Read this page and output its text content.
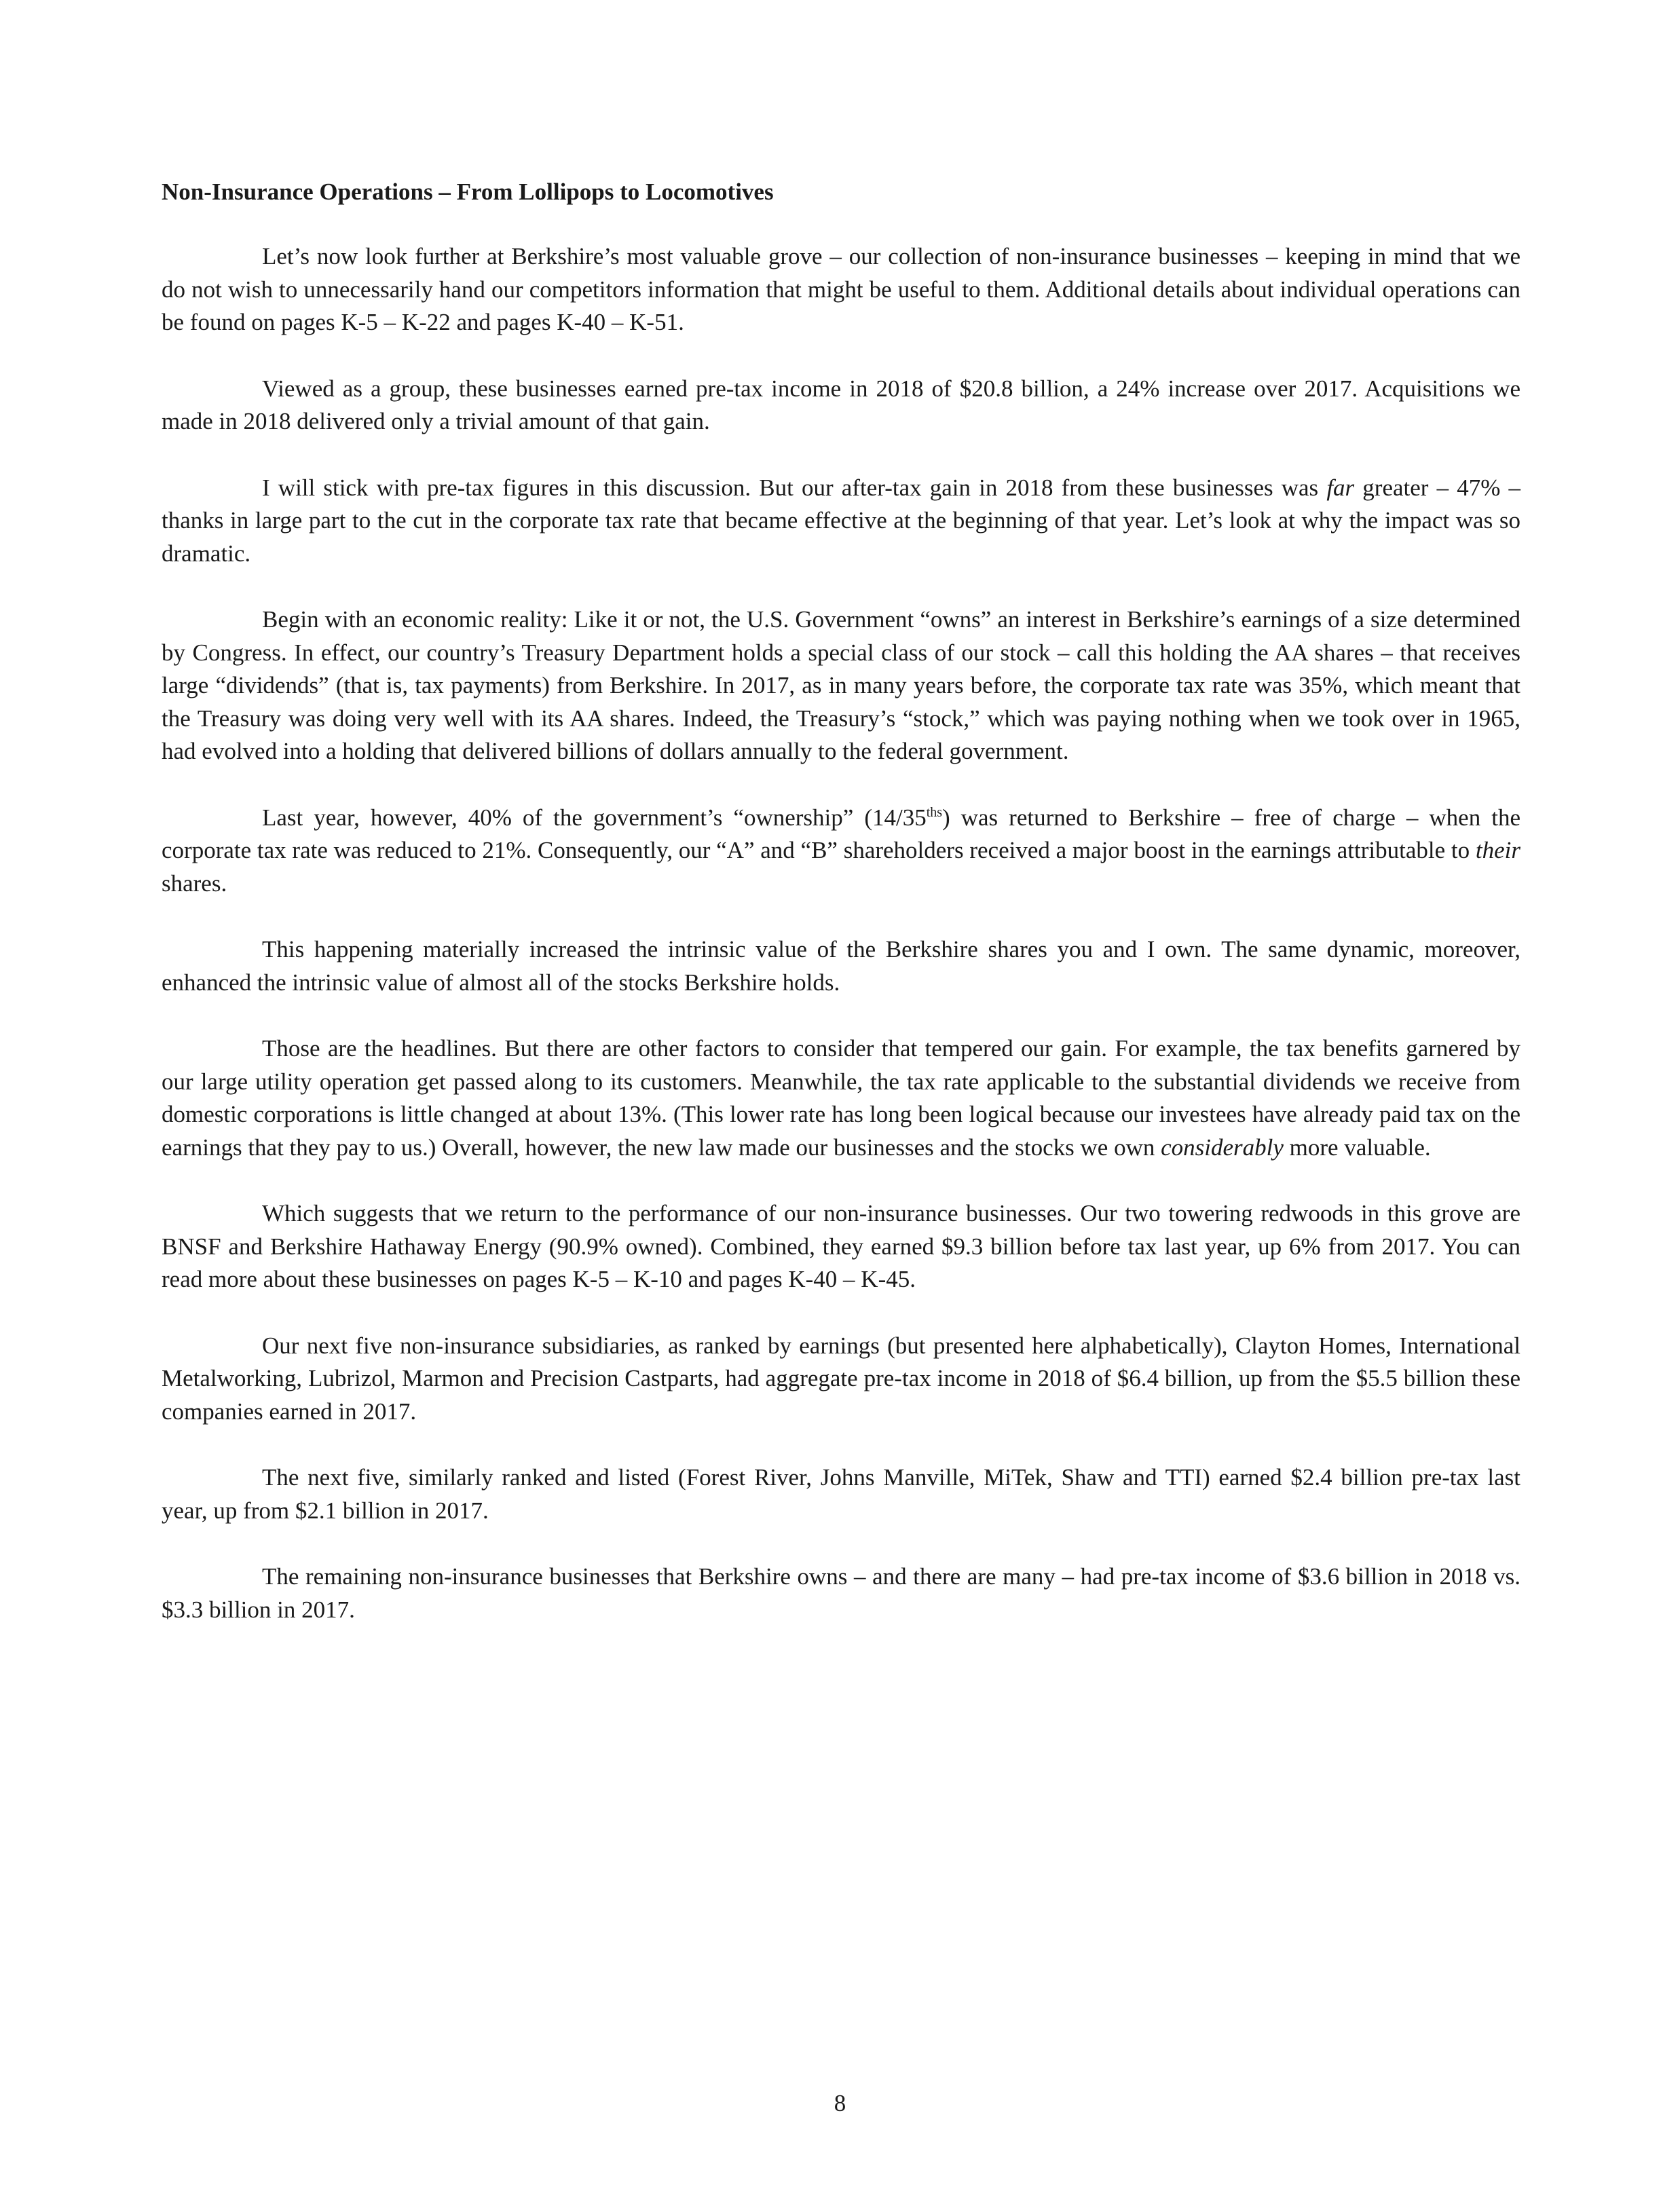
Non-Insurance Operations – From Lollipops to Locomotives

Let’s now look further at Berkshire’s most valuable grove – our collection of non-insurance businesses – keeping in mind that we do not wish to unnecessarily hand our competitors information that might be useful to them. Additional details about individual operations can be found on pages K-5 – K-22 and pages K-40 – K-51.

Viewed as a group, these businesses earned pre-tax income in 2018 of $20.8 billion, a 24% increase over 2017. Acquisitions we made in 2018 delivered only a trivial amount of that gain.

I will stick with pre-tax figures in this discussion. But our after-tax gain in 2018 from these businesses was far greater – 47% – thanks in large part to the cut in the corporate tax rate that became effective at the beginning of that year. Let’s look at why the impact was so dramatic.

Begin with an economic reality: Like it or not, the U.S. Government “owns” an interest in Berkshire’s earnings of a size determined by Congress. In effect, our country’s Treasury Department holds a special class of our stock – call this holding the AA shares – that receives large “dividends” (that is, tax payments) from Berkshire. In 2017, as in many years before, the corporate tax rate was 35%, which meant that the Treasury was doing very well with its AA shares. Indeed, the Treasury’s “stock,” which was paying nothing when we took over in 1965, had evolved into a holding that delivered billions of dollars annually to the federal government.

Last year, however, 40% of the government’s “ownership” $(14/35^{ths})$ was returned to Berkshire – free of charge – when the corporate tax rate was reduced to 21%. Consequently, our “A” and “B” shareholders received a major boost in the earnings attributable to their shares.

This happening materially increased the intrinsic value of the Berkshire shares you and I own. The same dynamic, moreover, enhanced the intrinsic value of almost all of the stocks Berkshire holds.

Those are the headlines. But there are other factors to consider that tempered our gain. For example, the tax benefits garnered by our large utility operation get passed along to its customers. Meanwhile, the tax rate applicable to the substantial dividends we receive from domestic corporations is little changed at about 13%. (This lower rate has long been logical because our investees have already paid tax on the earnings that they pay to us.) Overall, however, the new law made our businesses and the stocks we own considerably more valuable.

Which suggests that we return to the performance of our non-insurance businesses. Our two towering redwoods in this grove are BNSF and Berkshire Hathaway Energy (90.9% owned). Combined, they earned $9.3 billion before tax last year, up 6% from 2017. You can read more about these businesses on pages K-5 – K-10 and pages K-40 – K-45.

Our next five non-insurance subsidiaries, as ranked by earnings (but presented here alphabetically), Clayton Homes, International Metalworking, Lubrizol, Marmon and Precision Castparts, had aggregate pre-tax income in 2018 of $6.4 billion, up from the $5.5 billion these companies earned in 2017.

The next five, similarly ranked and listed (Forest River, Johns Manville, MiTek, Shaw and TTI) earned $2.4 billion pre-tax last year, up from $2.1 billion in 2017.

The remaining non-insurance businesses that Berkshire owns – and there are many – had pre-tax income of $3.6 billion in 2018 vs. $3.3 billion in 2017.

8
